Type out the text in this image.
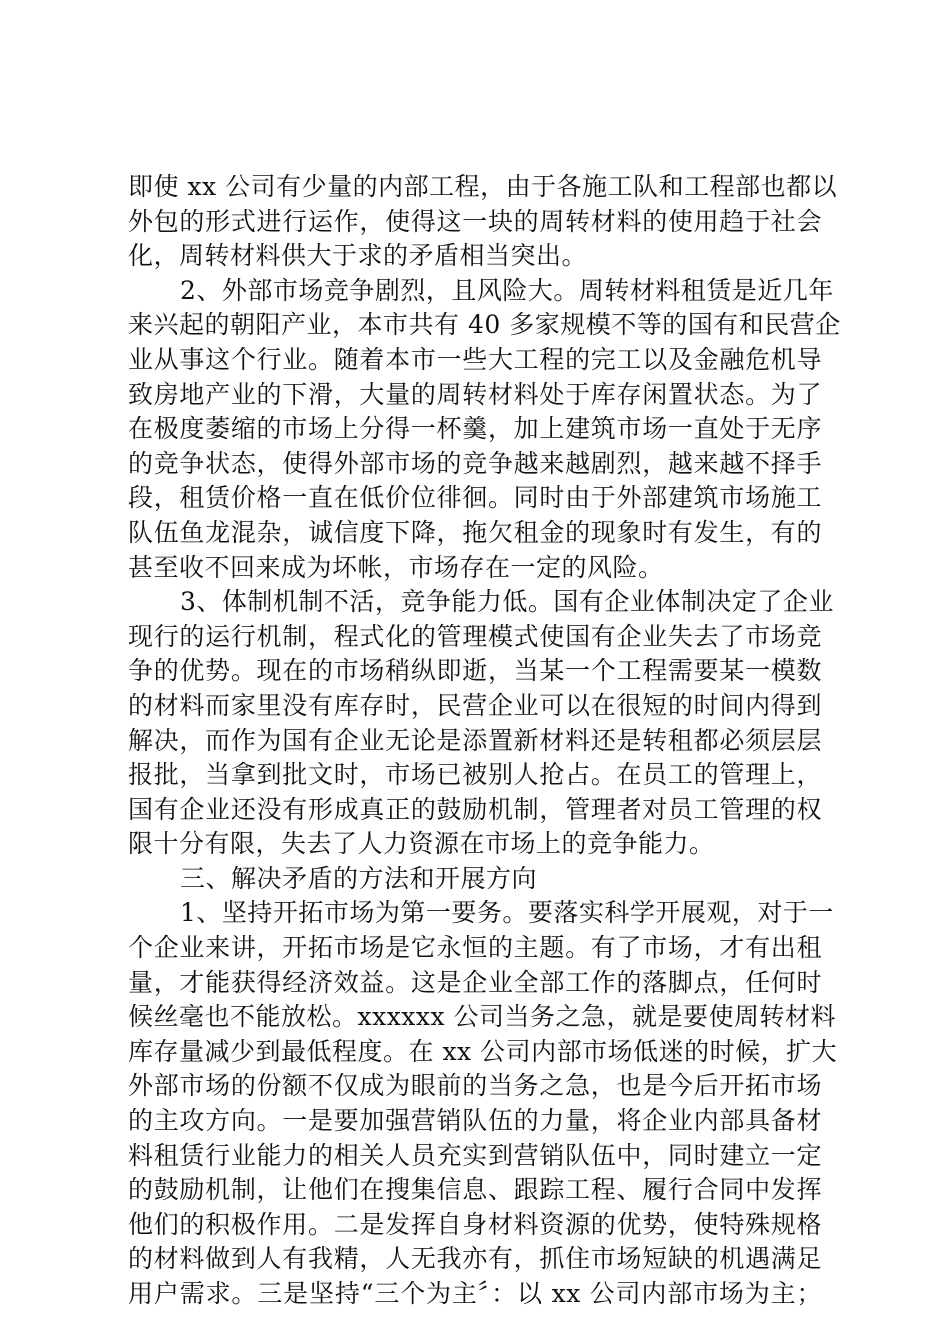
即使 xx 公司有少量的内部工程，由于各施工队和工程部也都以
外包的形式进行运作，使得这一块的周转材料的使用趋于社会
化，周转材料供大于求的矛盾相当突出。
2、外部市场竞争剧烈，且风险大。周转材料租赁是近几年
来兴起的朝阳产业，本市共有 40 多家规模不等的国有和民营企
业从事这个行业。随着本市一些大工程的完工以及金融危机导
致房地产业的下滑，大量的周转材料处于库存闲置状态。为了
在极度萎缩的市场上分得一杯羹，加上建筑市场一直处于无序
的竞争状态，使得外部市场的竞争越来越剧烈，越来越不择手
段，租赁价格一直在低价位徘徊。同时由于外部建筑市场施工
队伍鱼龙混杂，诚信度下降，拖欠租金的现象时有发生，有的
甚至收不回来成为坏帐，市场存在一定的风险。
3、体制机制不活，竞争能力低。国有企业体制决定了企业
现行的运行机制，程式化的管理模式使国有企业失去了市场竞
争的优势。现在的市场稍纵即逝，当某一个工程需要某一模数
的材料而家里没有库存时，民营企业可以在很短的时间内得到
解决，而作为国有企业无论是添置新材料还是转租都必须层层
报批，当拿到批文时，市场已被别人抢占。在员工的管理上，
国有企业还没有形成真正的鼓励机制，管理者对员工管理的权
限十分有限，失去了人力资源在市场上的竞争能力。
三、解决矛盾的方法和开展方向
1、坚持开拓市场为第一要务。要落实科学开展观，对于一
个企业来讲，开拓市场是它永恒的主题。有了市场，才有出租
量，才能获得经济效益。这是企业全部工作的落脚点，任何时
候丝毫也不能放松。xxxxxx 公司当务之急，就是要使周转材料
库存量减少到最低程度。在 xx 公司内部市场低迷的时候，扩大
外部市场的份额不仅成为眼前的当务之急，也是今后开拓市场
的主攻方向。一是要加强营销队伍的力量，将企业内部具备材
料租赁行业能力的相关人员充实到营销队伍中，同时建立一定
的鼓励机制，让他们在搜集信息、跟踪工程、履行合同中发挥
他们的积极作用。二是发挥自身材料资源的优势，使特殊规格
的材料做到人有我精，人无我亦有，抓住市场短缺的机遇满足
用户需求。三是坚持“三个为主〞：以 xx 公司内部市场为主；
